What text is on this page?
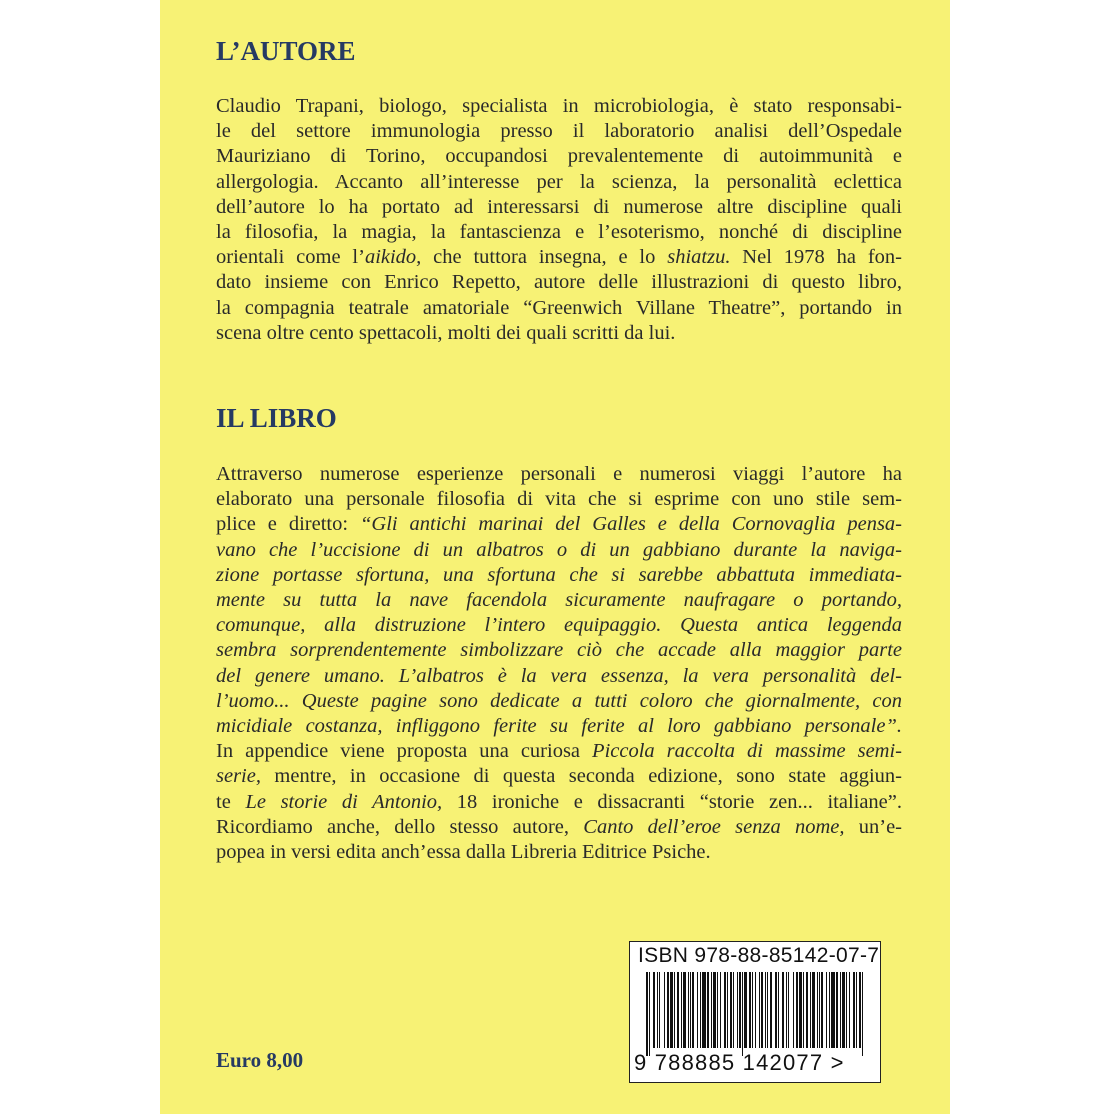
L’AUTORE
Claudio Trapani, biologo, specialista in microbiologia, è stato responsabi-
le del settore immunologia presso il laboratorio analisi dell’Ospedale
Mauriziano di Torino, occupandosi prevalentemente di autoimmunità e
allergologia. Accanto all’interesse per la scienza, la personalità eclettica
dell’autore lo ha portato ad interessarsi di numerose altre discipline quali
la filosofia, la magia, la fantascienza e l’esoterismo, nonché di discipline
orientali come l’aikido, che tuttora insegna, e lo shiatzu. Nel 1978 ha fon-
dato insieme con Enrico Repetto, autore delle illustrazioni di questo libro,
la compagnia teatrale amatoriale “Greenwich Villane Theatre”, portando in
scena oltre cento spettacoli, molti dei quali scritti da lui.
IL LIBRO
Attraverso numerose esperienze personali e numerosi viaggi l’autore ha
elaborato una personale filosofia di vita che si esprime con uno stile sem-
plice e diretto: “Gli antichi marinai del Galles e della Cornovaglia pensa-
vano che l’uccisione di un albatros o di un gabbiano durante la naviga-
zione portasse sfortuna, una sfortuna che si sarebbe abbattuta immediata-
mente su tutta la nave facendola sicuramente naufragare o portando,
comunque, alla distruzione l’intero equipaggio. Questa antica leggenda
sembra sorprendentemente simbolizzare ciò che accade alla maggior parte
del genere umano. L’albatros è la vera essenza, la vera personalità del-
l’uomo... Queste pagine sono dedicate a tutti coloro che giornalmente, con
micidiale costanza, infliggono ferite su ferite al loro gabbiano personale”.
In appendice viene proposta una curiosa Piccola raccolta di massime semi-
serie, mentre, in occasione di questa seconda edizione, sono state aggiun-
te Le storie di Antonio, 18 ironiche e dissacranti “storie zen... italiane”.
Ricordiamo anche, dello stesso autore, Canto dell’eroe senza nome, un’e-
popea in versi edita anch’essa dalla Libreria Editrice Psiche.
ISBN 978-88-85142-07-7
9 788885 142077 >
Euro 8,00
